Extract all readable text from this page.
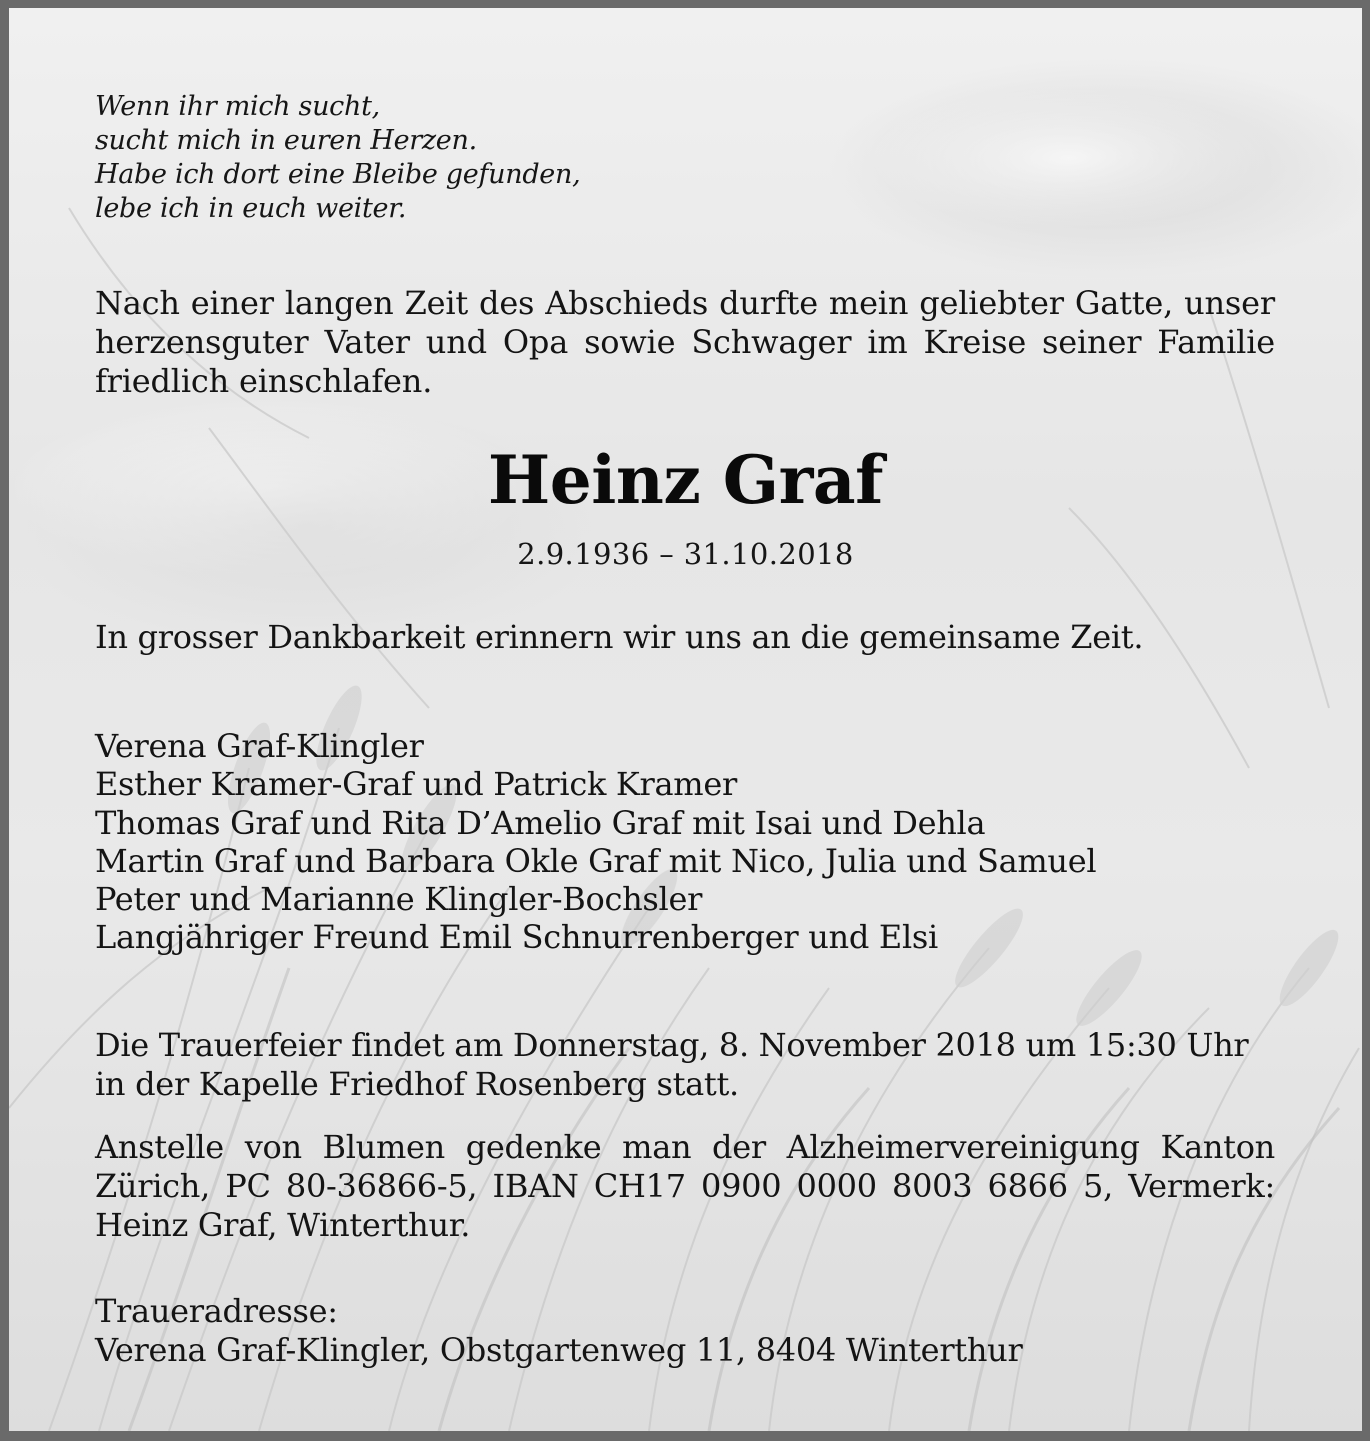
Wenn ihr mich sucht,
sucht mich in euren Herzen.
Habe ich dort eine Bleibe gefunden,
lebe ich in euch weiter.
Nach einer langen Zeit des Abschieds durfte mein geliebter Gatte, unser herzensguter Vater und Opa sowie Schwager im Kreise seiner Familie friedlich einschlafen.
Heinz Graf
2.9.1936 – 31.10.2018
In grosser Dankbarkeit erinnern wir uns an die gemeinsame Zeit.
Verena Graf-Klingler
Esther Kramer-Graf und Patrick Kramer
Thomas Graf und Rita D’Amelio Graf mit Isai und Dehla
Martin Graf und Barbara Okle Graf mit Nico, Julia und Samuel
Peter und Marianne Klingler-Bochsler
Langjähriger Freund Emil Schnurrenberger und Elsi
Die Trauerfeier findet am Donnerstag, 8. November 2018 um 15:30 Uhr
in der Kapelle Friedhof Rosenberg statt.
Anstelle von Blumen gedenke man der Alzheimervereinigung Kanton Zürich, PC 80-36866-5, IBAN CH17 0900 0000 8003 6866 5, Vermerk: Heinz Graf, Winterthur.
Traueradresse:
Verena Graf-Klingler, Obstgartenweg 11, 8404 Winterthur
